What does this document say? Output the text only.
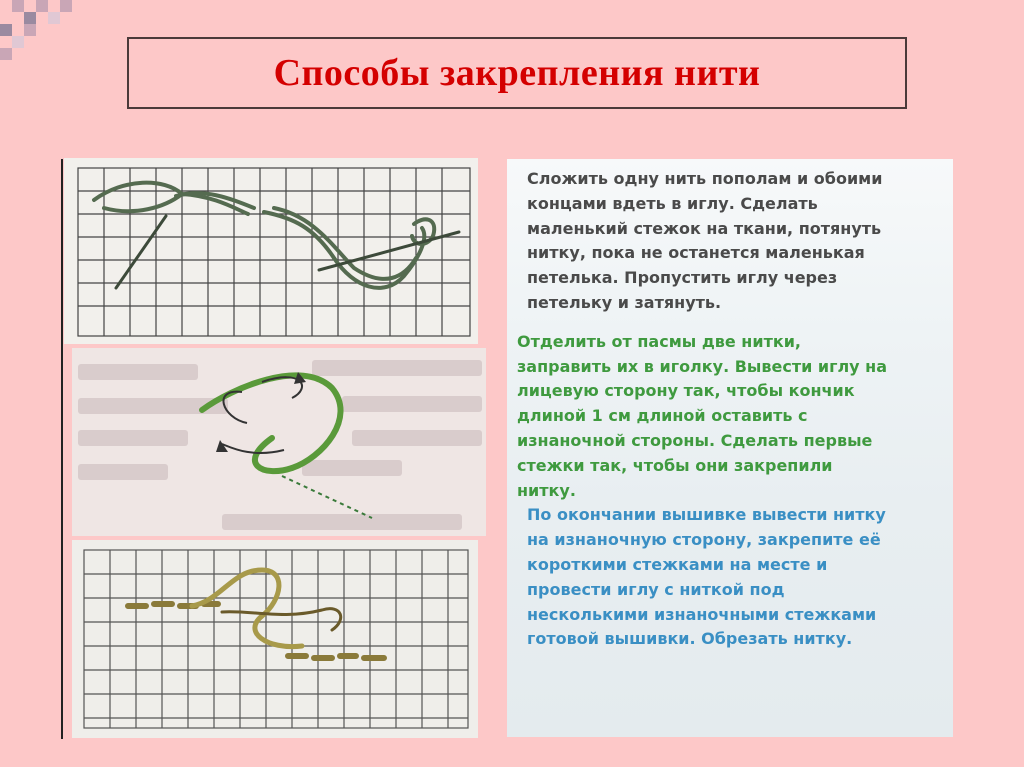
Способы закрепления нити

Сложить одну нить пополам и обоими
концами вдеть в иглу. Сделать
маленький стежок на ткани, потянуть
нитку, пока не останется маленькая
петелька. Пропустить иглу через
петельку и затянуть.

Отделить от пасмы две нитки,
заправить их в иголку. Вывести иглу на
лицевую сторону так, чтобы кончик
длиной 1 см длиной оставить с
изнаночной стороны. Сделать первые
стежки так, чтобы они закрепили
нитку.

По окончании вышивке вывести нитку
на изнаночную сторону, закрепите её
короткими стежками на месте и
провести иглу с ниткой под
несколькими изнаночными стежками
готовой вышивки. Обрезать нитку.
